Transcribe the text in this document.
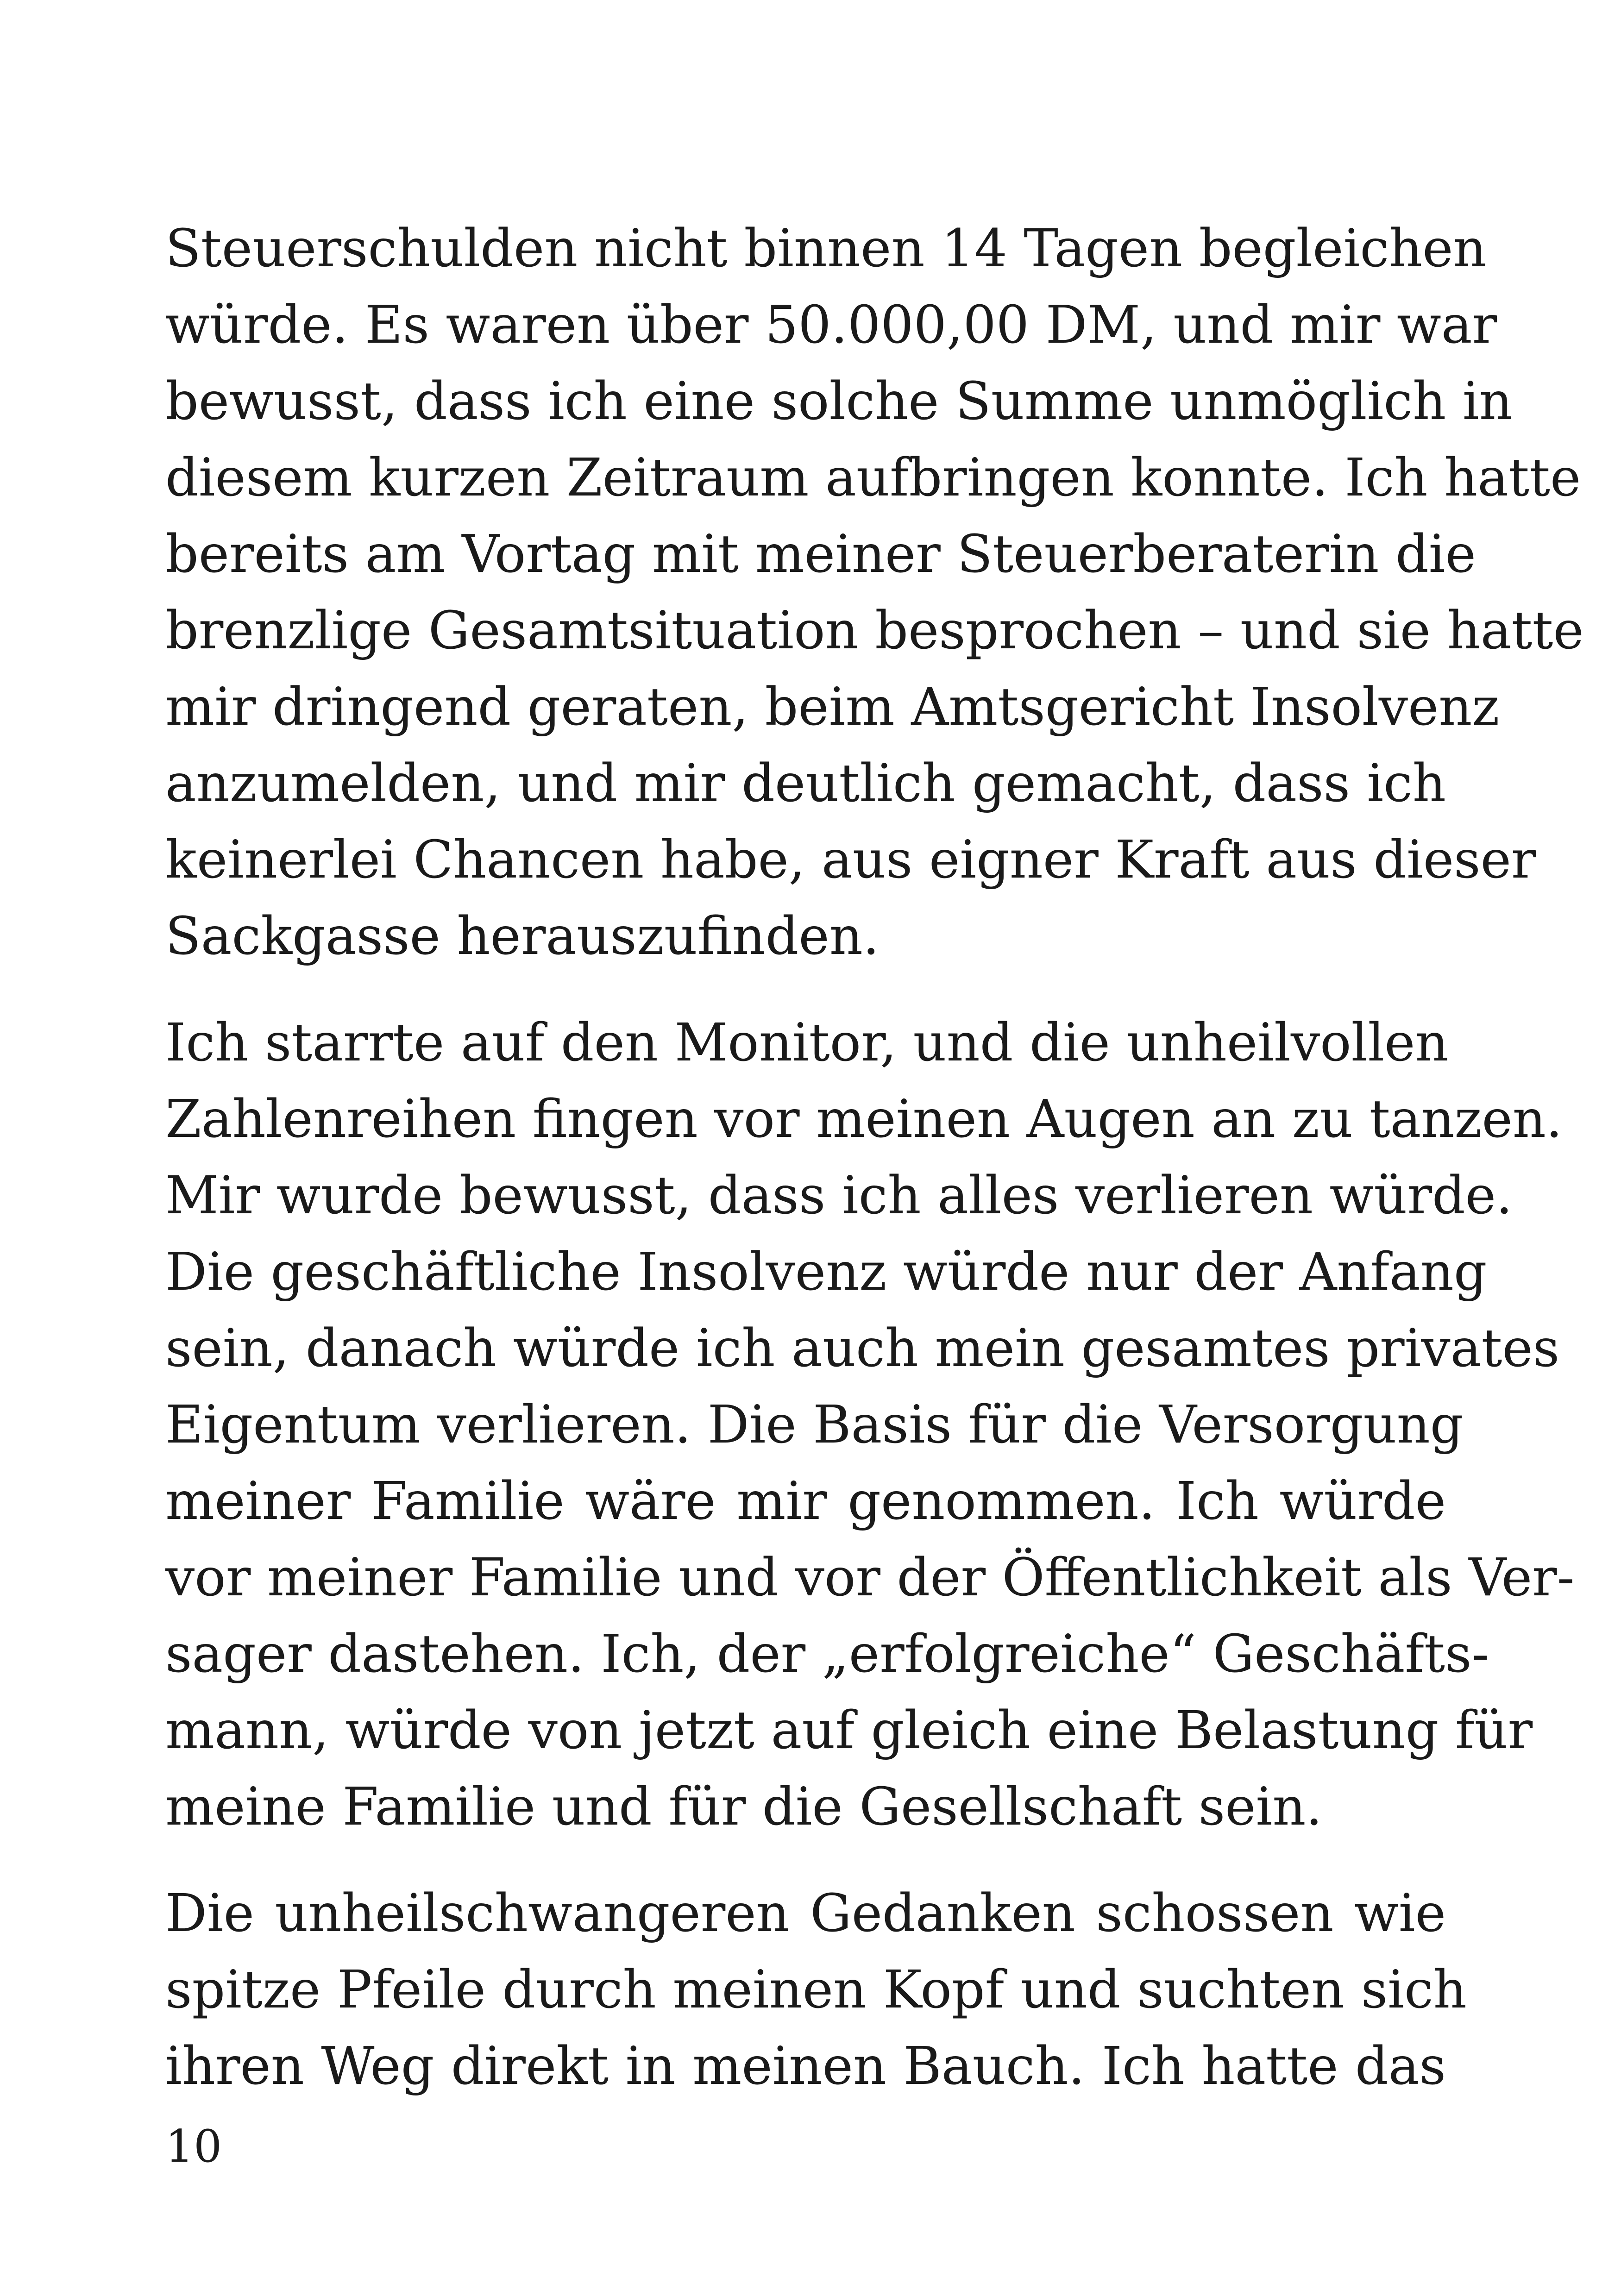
Steuerschulden nicht binnen 14 Tagen begleichen
würde. Es waren über 50.000,00 DM, und mir war
bewusst, dass ich eine solche Summe unmöglich in
diesem kurzen Zeitraum aufbringen konnte. Ich hatte
bereits am Vortag mit meiner Steuerberaterin die
brenzlige Gesamtsituation besprochen – und sie hatte
mir dringend geraten, beim Amtsgericht Insolvenz
anzumelden, und mir deutlich gemacht, dass ich
keinerlei Chancen habe, aus eigner Kraft aus dieser
Sackgasse herauszufinden.
Ich starrte auf den Monitor, und die unheilvollen
Zahlenreihen fingen vor meinen Augen an zu tanzen.
Mir wurde bewusst, dass ich alles verlieren würde.
Die geschäftliche Insolvenz würde nur der Anfang
sein, danach würde ich auch mein gesamtes privates
Eigentum verlieren. Die Basis für die Versorgung
meiner Familie wäre mir genommen. Ich würde
vor meiner Familie und vor der Öffentlichkeit als Ver-
sager dastehen. Ich, der „erfolgreiche“ Geschäfts-
mann, würde von jetzt auf gleich eine Belastung für
meine Familie und für die Gesellschaft sein.
Die unheilschwangeren Gedanken schossen wie
spitze Pfeile durch meinen Kopf und suchten sich
ihren Weg direkt in meinen Bauch. Ich hatte das
10
